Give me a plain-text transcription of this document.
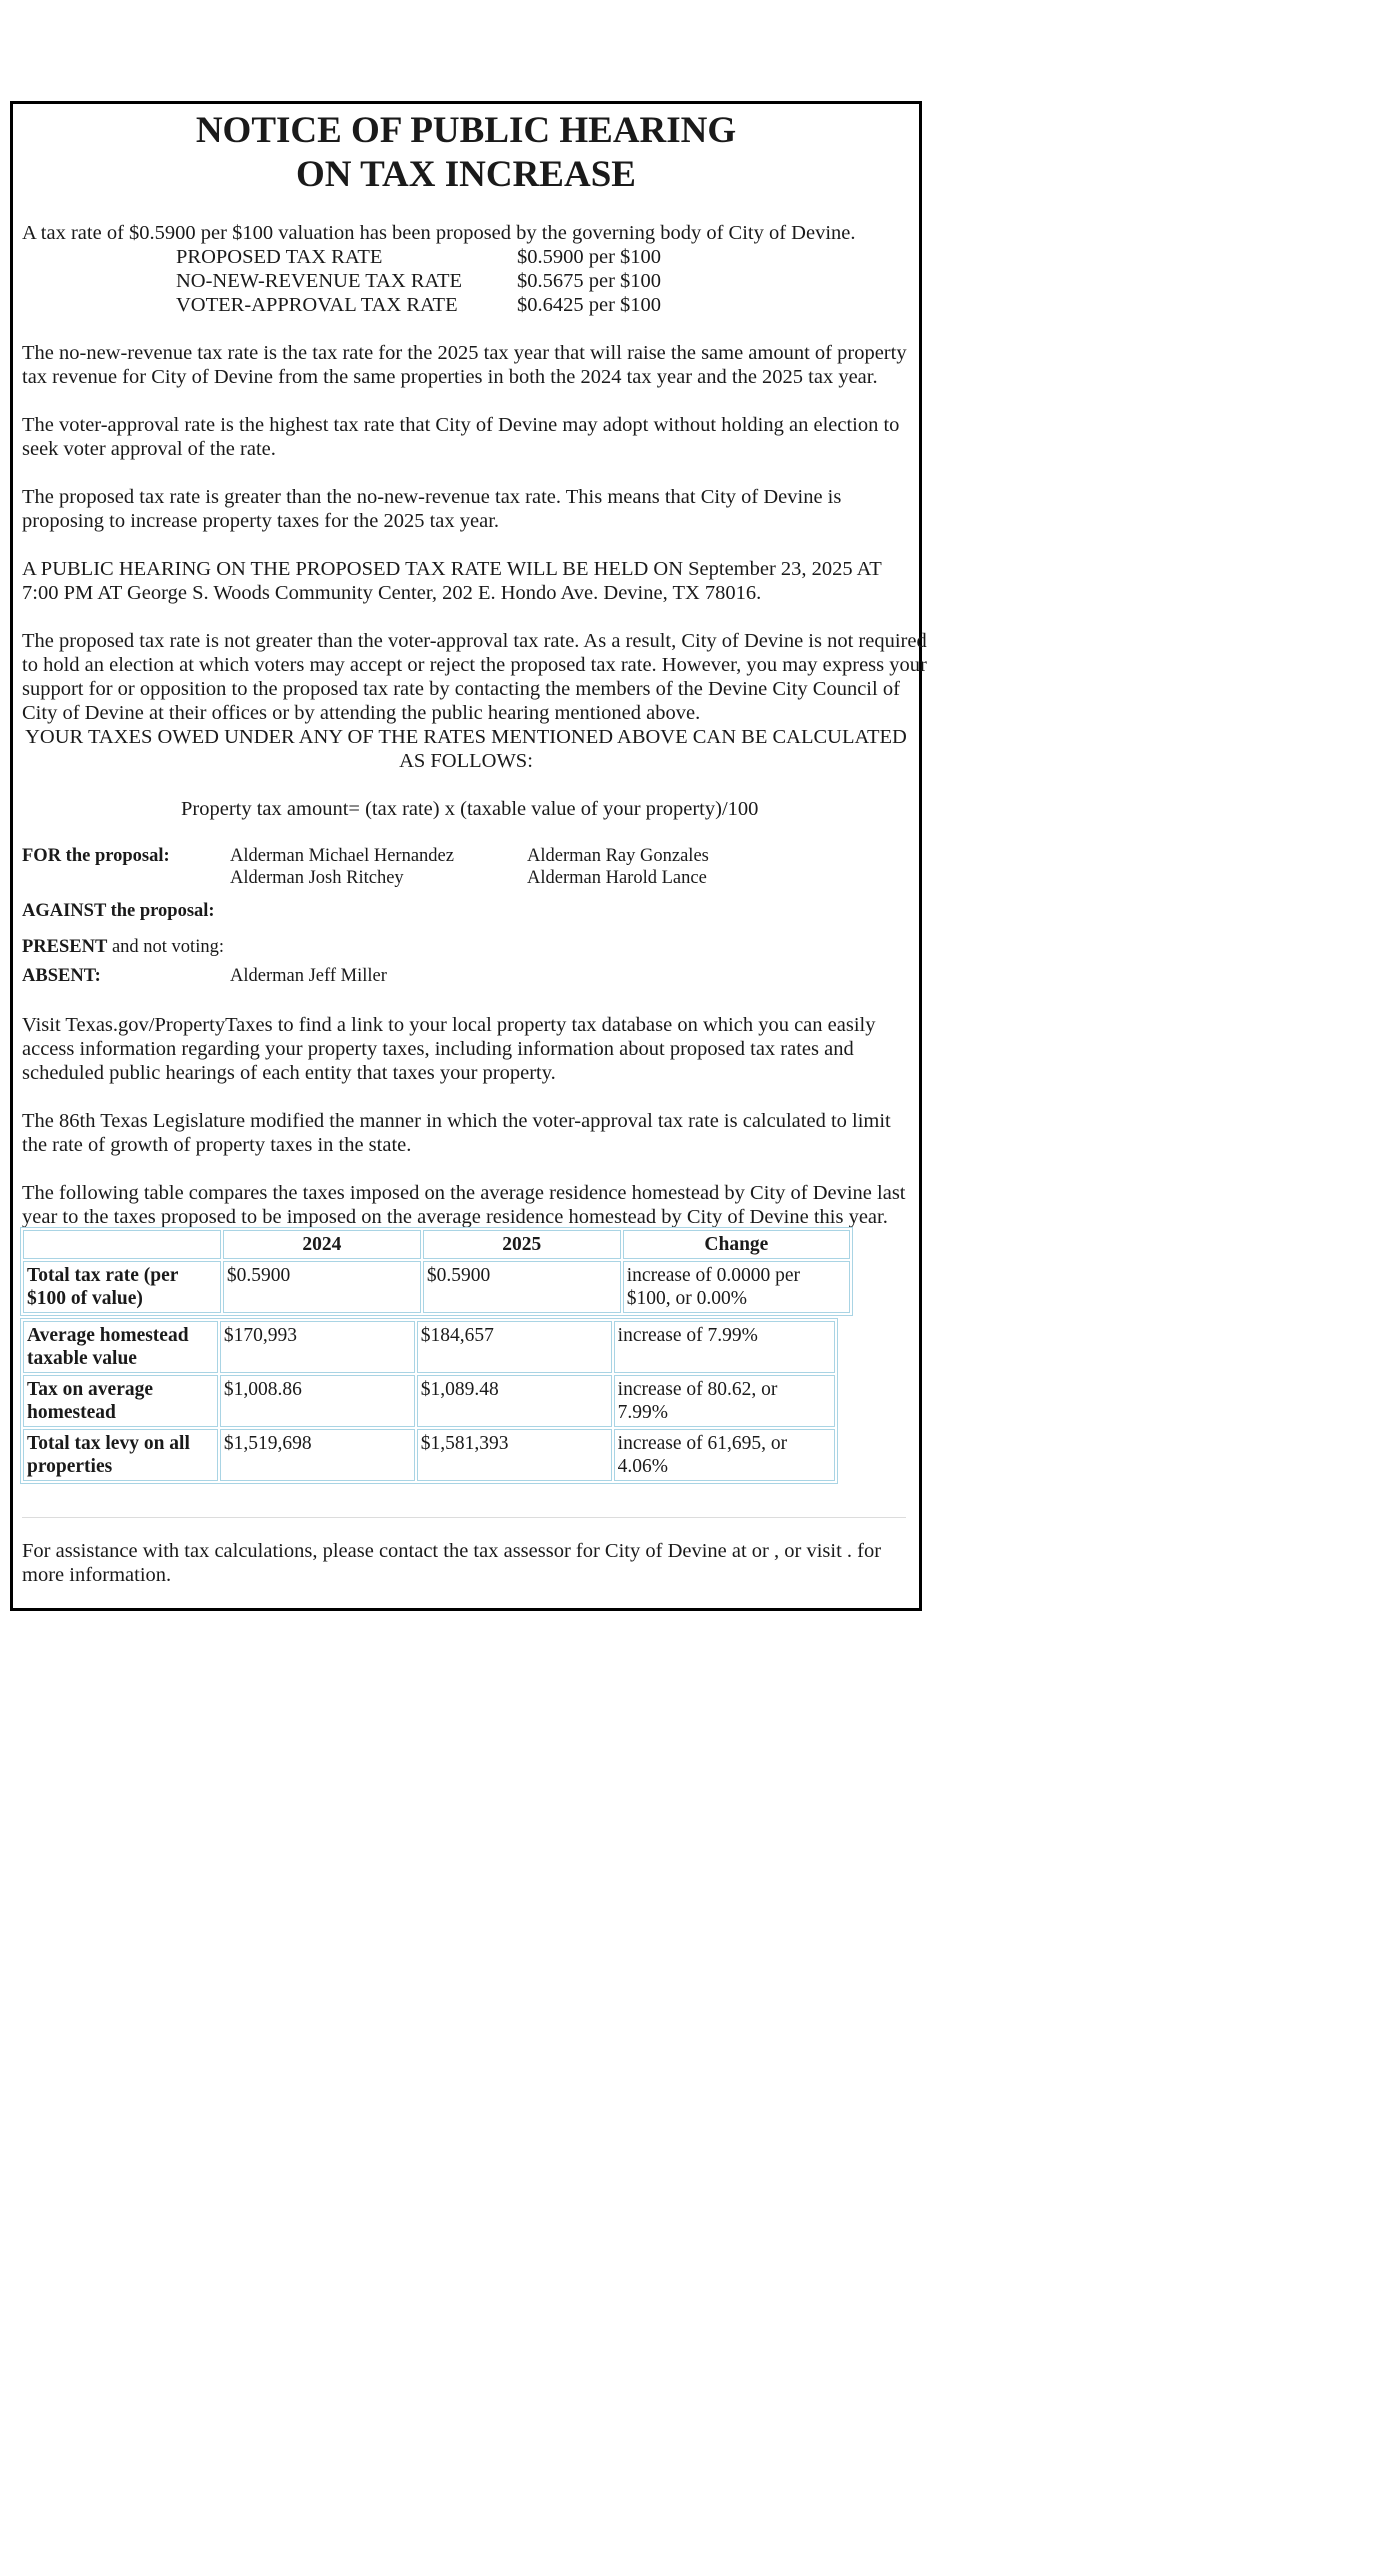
NOTICE OF PUBLIC HEARING
ON TAX INCREASE
A tax rate of $0.5900 per $100 valuation has been proposed by the governing body of City of Devine.
PROPOSED TAX RATE	$0.5900 per $100
NO-NEW-REVENUE TAX RATE	$0.5675 per $100
VOTER-APPROVAL TAX RATE	$0.6425 per $100
The no-new-revenue tax rate is the tax rate for the 2025 tax year that will raise the same amount of property tax revenue for City of Devine from the same properties in both the 2024 tax year and the 2025 tax year.
The voter-approval rate is the highest tax rate that City of Devine may adopt without holding an election to seek voter approval of the rate.
The proposed tax rate is greater than the no-new-revenue tax rate. This means that City of Devine is proposing to increase property taxes for the 2025 tax year.
A PUBLIC HEARING ON THE PROPOSED TAX RATE WILL BE HELD ON September 23, 2025 AT 7:00 PM AT George S. Woods Community Center, 202 E. Hondo Ave. Devine, TX 78016.
The proposed tax rate is not greater than the voter-approval tax rate. As a result, City of Devine is not required to hold an election at which voters may accept or reject the proposed tax rate. However, you may express your support for or opposition to the proposed tax rate by contacting the members of the Devine City Council of City of Devine at their offices or by attending the public hearing mentioned above.
YOUR TAXES OWED UNDER ANY OF THE RATES MENTIONED ABOVE CAN BE CALCULATED AS FOLLOWS:
Property tax amount= (tax rate) x (taxable value of your property)/100
FOR the proposal:	Alderman Michael Hernandez	Alderman Ray Gonzales
Alderman Josh Ritchey	Alderman Harold Lance
AGAINST the proposal:
PRESENT and not voting:
ABSENT:	Alderman Jeff Miller
Visit Texas.gov/PropertyTaxes to find a link to your local property tax database on which you can easily access information regarding your property taxes, including information about proposed tax rates and scheduled public hearings of each entity that taxes your property.
The 86th Texas Legislature modified the manner in which the voter-approval tax rate is calculated to limit the rate of growth of property taxes in the state.
The following table compares the taxes imposed on the average residence homestead by City of Devine last year to the taxes proposed to be imposed on the average residence homestead by City of Devine this year.
	2024	2025	Change
Total tax rate (per $100 of value)	$0.5900	$0.5900	increase of 0.0000 per $100, or 0.00%
Average homestead taxable value	$170,993	$184,657	increase of 7.99%
Tax on average homestead	$1,008.86	$1,089.48	increase of 80.62, or 7.99%
Total tax levy on all properties	$1,519,698	$1,581,393	increase of 61,695, or 4.06%
For assistance with tax calculations, please contact the tax assessor for City of Devine at or , or visit . for more information.
